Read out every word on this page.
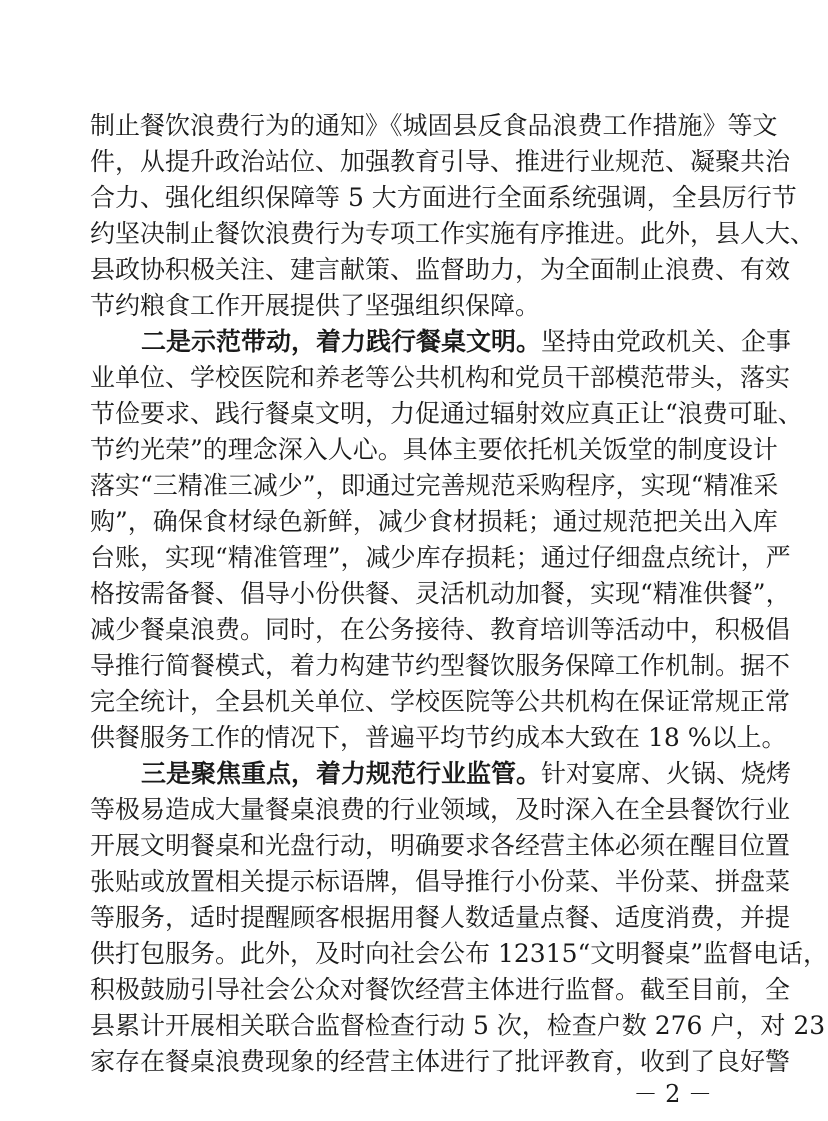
制止餐饮浪费行为的通知》《城固县反食品浪费工作措施》等文
件，从提升政治站位、加强教育引导、推进行业规范、凝聚共治
合力、强化组织保障等 5 大方面进行全面系统强调，全县厉行节
约坚决制止餐饮浪费行为专项工作实施有序推进。此外，县人大、
县政协积极关注、建言献策、监督助力，为全面制止浪费、有效
节约粮食工作开展提供了坚强组织保障。
二是示范带动，着力践行餐桌文明。坚持由党政机关、企事
业单位、学校医院和养老等公共机构和党员干部模范带头，落实
节俭要求、践行餐桌文明，力促通过辐射效应真正让“浪费可耻、
节约光荣”的理念深入人心。具体主要依托机关饭堂的制度设计
落实“三精准三减少”，即通过完善规范采购程序，实现“精准采
购”，确保食材绿色新鲜，减少食材损耗；通过规范把关出入库
台账，实现“精准管理”，减少库存损耗；通过仔细盘点统计，严
格按需备餐、倡导小份供餐、灵活机动加餐，实现“精准供餐”，
减少餐桌浪费。同时，在公务接待、教育培训等活动中，积极倡
导推行简餐模式，着力构建节约型餐饮服务保障工作机制。据不
完全统计，全县机关单位、学校医院等公共机构在保证常规正常
供餐服务工作的情况下，普遍平均节约成本大致在 18 %以上。
三是聚焦重点，着力规范行业监管。针对宴席、火锅、烧烤
等极易造成大量餐桌浪费的行业领域，及时深入在全县餐饮行业
开展文明餐桌和光盘行动，明确要求各经营主体必须在醒目位置
张贴或放置相关提示标语牌，倡导推行小份菜、半份菜、拼盘菜
等服务，适时提醒顾客根据用餐人数适量点餐、适度消费，并提
供打包服务。此外，及时向社会公布 12315“文明餐桌”监督电话，
积极鼓励引导社会公众对餐饮经营主体进行监督。截至目前，全
县累计开展相关联合监督检查行动 5 次，检查户数 276 户，对 23
家存在餐桌浪费现象的经营主体进行了批评教育，收到了良好警
－ 2 －
